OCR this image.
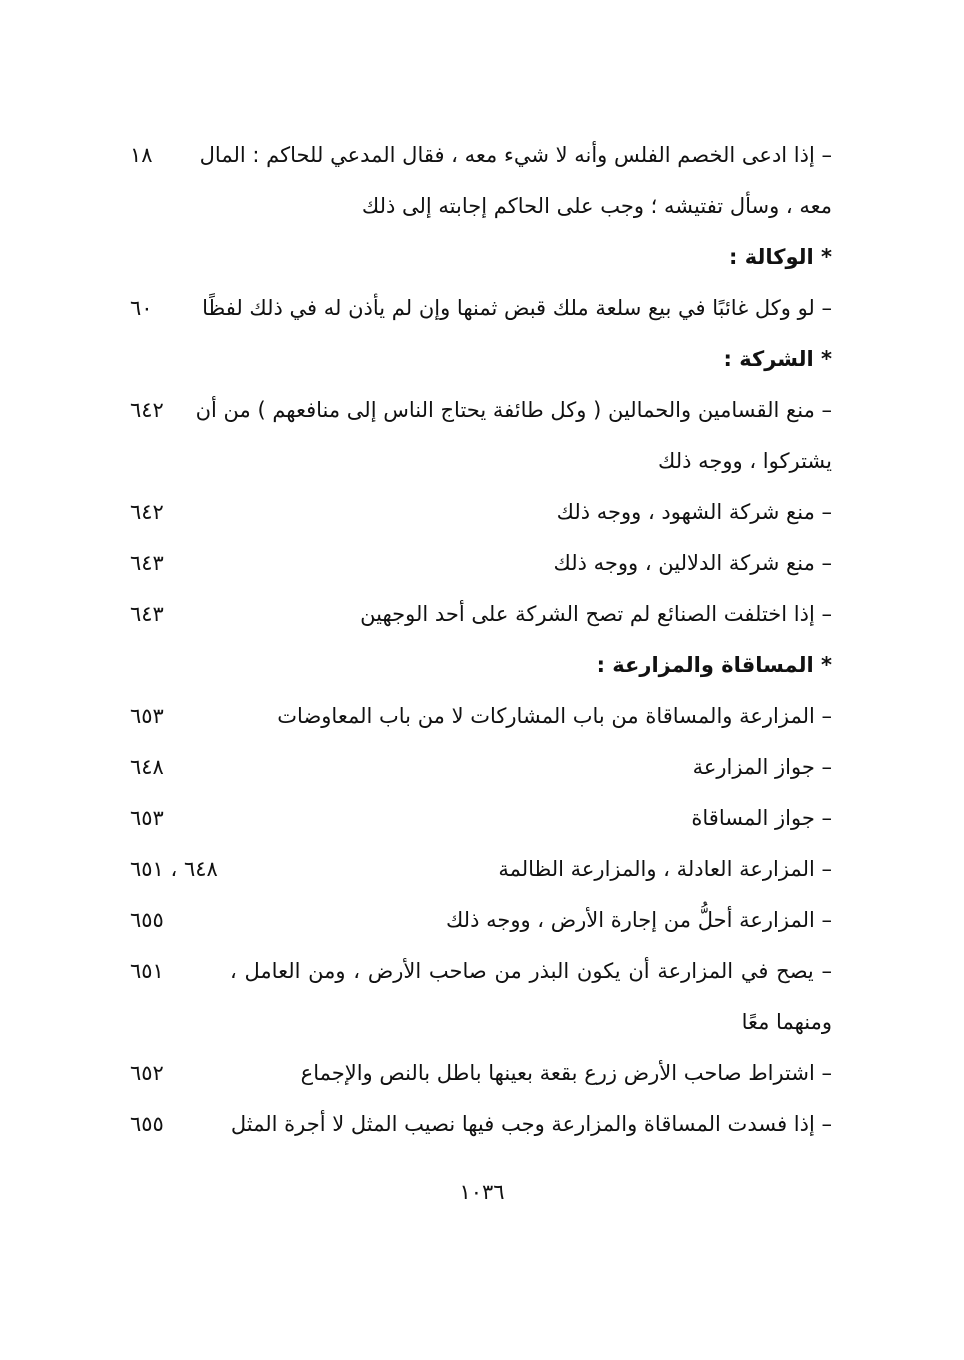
– إذا ادعى الخصم الفلس وأنه لا شيء معه ، فقال المدعي للحاكم : المال
١٨
معه ، وسأل تفتيشه ؛ وجب على الحاكم إجابته إلى ذلك
* الوكالة :
– لو وكل غائبًا في بيع سلعة ملك قبض ثمنها وإن لم يأذن له في ذلك لفظًا
٦٠
* الشركة :
– منع القسامين والحمالين ( وكل طائفة يحتاج الناس إلى منافعهم ) من أن
٦٤٢
يشتركوا ، ووجه ذلك
– منع شركة الشهود ، ووجه ذلك
٦٤٢
– منع شركة الدلالين ، ووجه ذلك
٦٤٣
– إذا اختلفت الصنائع لم تصح الشركة على أحد الوجهين
٦٤٣
* المساقاة والمزارعة :
– المزارعة والمساقاة من باب المشاركات لا من باب المعاوضات
٦٥٣
– جواز المزارعة
٦٤٨
– جواز المساقاة
٦٥٣
– المزارعة العادلة ، والمزارعة الظالمة
٦٤٨ ، ٦٥١
– المزارعة أحلُّ من إجارة الأرض ، ووجه ذلك
٦٥٥
– يصح في المزارعة أن يكون البذر من صاحب الأرض ، ومن العامل ،
٦٥١
ومنهما معًا
– اشتراط صاحب الأرض زرع بقعة بعينها باطل بالنص والإجماع
٦٥٢
– إذا فسدت المساقاة والمزارعة وجب فيها نصيب المثل لا أجرة المثل
٦٥٥
١٠٣٦
